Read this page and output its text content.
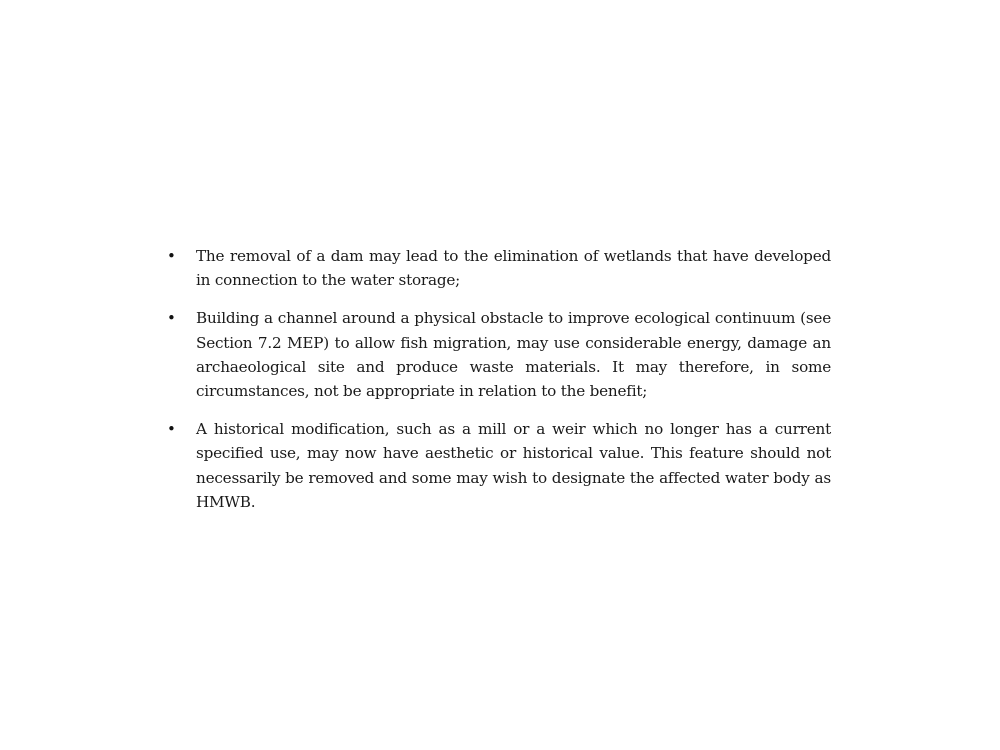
• The removal of a dam may lead to the elimination of wetlands that have developed in connection to the water storage;
• Building a channel around a physical obstacle to improve ecological continuum (see Section 7.2 MEP) to allow fish migration, may use considerable energy, damage an archaeological site and produce waste materials. It may therefore, in some circumstances, not be appropriate in relation to the benefit;
• A historical modification, such as a mill or a weir which no longer has a current specified use, may now have aesthetic or historical value. This feature should not necessarily be removed and some may wish to designate the affected water body as HMWB.
